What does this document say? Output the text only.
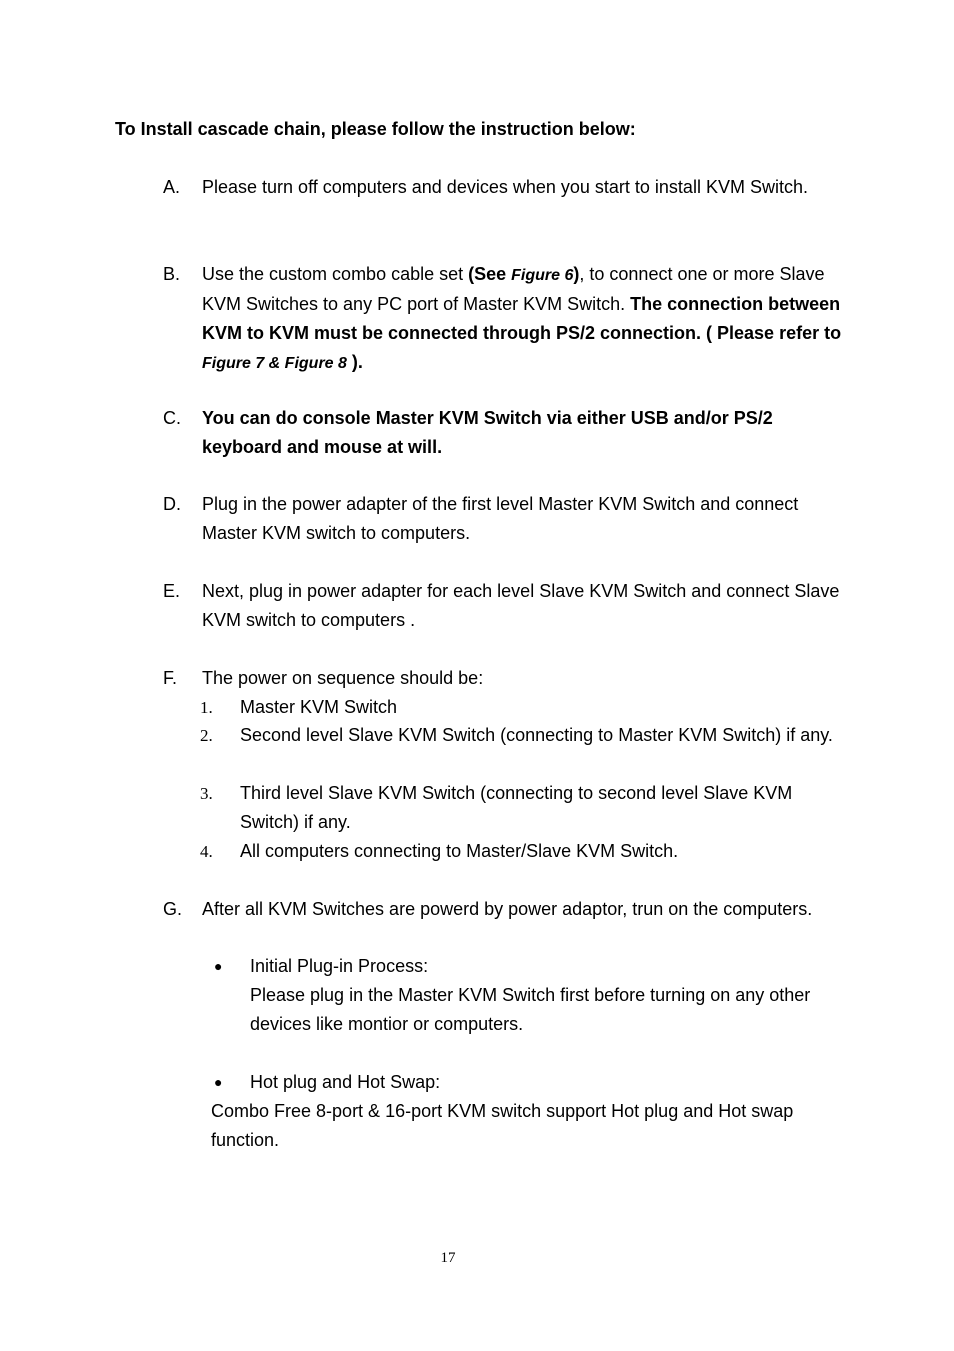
To Install cascade chain, please follow the instruction below:
A. Please turn off computers and devices when you start to install KVM Switch.
B. Use the custom combo cable set (See Figure 6), to connect one or more Slave KVM Switches to any PC port of Master KVM Switch. The connection between KVM to KVM must be connected through PS/2 connection. ( Please refer to Figure 7 & Figure 8 ).
C. You can do console Master KVM Switch via either USB and/or PS/2 keyboard and mouse at will.
D. Plug in the power adapter of the first level Master KVM Switch and connect Master KVM switch to computers.
E. Next, plug in power adapter for each level Slave KVM Switch and connect Slave KVM switch to computers .
F. The power on sequence should be:
1. Master KVM Switch
2. Second level Slave KVM Switch (connecting to Master KVM Switch) if any.
3. Third level Slave KVM Switch (connecting to second level Slave KVM Switch) if any.
4. All computers connecting to Master/Slave KVM Switch.
G. After all KVM Switches are powerd by power adaptor, trun on the computers.
● Initial Plug-in Process:
Please plug in the Master KVM Switch first before turning on any other devices like montior or computers.
● Hot plug and Hot Swap:
Combo Free 8-port & 16-port KVM switch support Hot plug and Hot swap function.
17
